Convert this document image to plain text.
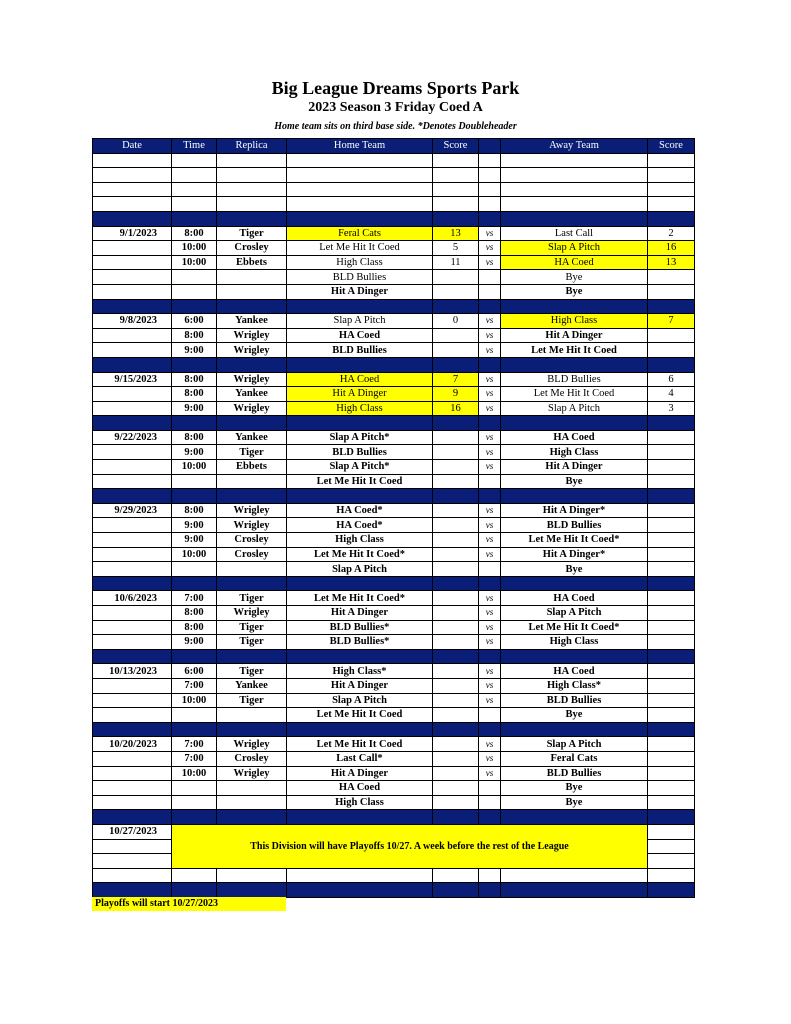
Big League Dreams Sports Park
2023 Season 3 Friday Coed A
Home team sits on third base side. *Denotes Doubleheader
Date	Time	Replica	Home Team	Score		Away Team	Score

9/1/2023	8:00	Tiger	Feral Cats	13	vs	Last Call	2
	10:00	Crosley	Let Me Hit It Coed	5	vs	Slap A Pitch	16
	10:00	Ebbets	High Class	11	vs	HA Coed	13
			BLD Bullies			Bye	
			Hit A Dinger			Bye	

9/8/2023	6:00	Yankee	Slap A Pitch	0	vs	High Class	7
	8:00	Wrigley	HA Coed		vs	Hit A Dinger	
	9:00	Wrigley	BLD Bullies		vs	Let Me Hit It Coed	

9/15/2023	8:00	Wrigley	HA Coed	7	vs	BLD Bullies	6
	8:00	Yankee	Hit A Dinger	9	vs	Let Me Hit It Coed	4
	9:00	Wrigley	High Class	16	vs	Slap A Pitch	3

9/22/2023	8:00	Yankee	Slap A Pitch*		vs	HA Coed	
	9:00	Tiger	BLD Bullies		vs	High Class	
	10:00	Ebbets	Slap A Pitch*		vs	Hit A Dinger	
			Let Me Hit It Coed			Bye	

9/29/2023	8:00	Wrigley	HA Coed*		vs	Hit A Dinger*	
	9:00	Wrigley	HA Coed*		vs	BLD Bullies	
	9:00	Crosley	High Class		vs	Let Me Hit It Coed*	
	10:00	Crosley	Let Me Hit It Coed*		vs	Hit A Dinger*	
			Slap A Pitch			Bye	

10/6/2023	7:00	Tiger	Let Me Hit It Coed*		vs	HA Coed	
	8:00	Wrigley	Hit A Dinger		vs	Slap A Pitch	
	8:00	Tiger	BLD Bullies*		vs	Let Me Hit It Coed*	
	9:00	Tiger	BLD Bullies*		vs	High Class	

10/13/2023	6:00	Tiger	High Class*		vs	HA Coed	
	7:00	Yankee	Hit A Dinger		vs	High Class*	
	10:00	Tiger	Slap A Pitch		vs	BLD Bullies	
			Let Me Hit It Coed			Bye	

10/20/2023	7:00	Wrigley	Let Me Hit It Coed		vs	Slap A Pitch	
	7:00	Crosley	Last Call*		vs	Feral Cats	
	10:00	Wrigley	Hit A Dinger		vs	BLD Bullies	
			HA Coed			Bye	
			High Class			Bye	

10/27/2023	This Division will have Playoffs 10/27. A week before the rest of the League						

Playoffs will start 10/27/2023
